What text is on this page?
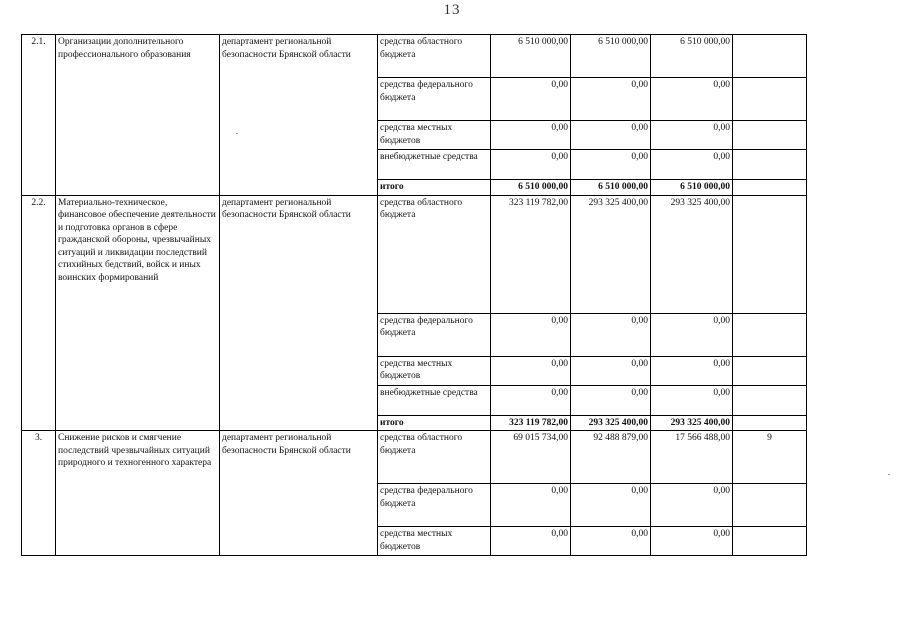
13
2.1.	Организации дополнительного профессионального образования	департамент региональной безопасности Брянской области	средства областного бюджета	6 510 000,00	6 510 000,00	6 510 000,00	
			средства федерального бюджета	0,00	0,00	0,00	
			средства местных бюджетов	0,00	0,00	0,00	
			внебюджетные средства	0,00	0,00	0,00	
			итого	6 510 000,00	6 510 000,00	6 510 000,00	
2.2.	Материально-техническое, финансовое обеспечение деятельности и подготовка органов в сфере гражданской обороны, чрезвычайных ситуаций и ликвидации последствий стихийных бедствий, войск и иных воинских формирований	департамент региональной безопасности Брянской области	средства областного бюджета	323 119 782,00	293 325 400,00	293 325 400,00	
			средства федерального бюджета	0,00	0,00	0,00	
			средства местных бюджетов	0,00	0,00	0,00	
			внебюджетные средства	0,00	0,00	0,00	
			итого	323 119 782,00	293 325 400,00	293 325 400,00	
3.	Снижение рисков и смягчение последствий чрезвычайных ситуаций природного и техногенного характера	департамент региональной безопасности Брянской области	средства областного бюджета	69 015 734,00	92 488 879,00	17 566 488,00	9
			средства федерального бюджета	0,00	0,00	0,00	
			средства местных бюджетов	0,00	0,00	0,00	
